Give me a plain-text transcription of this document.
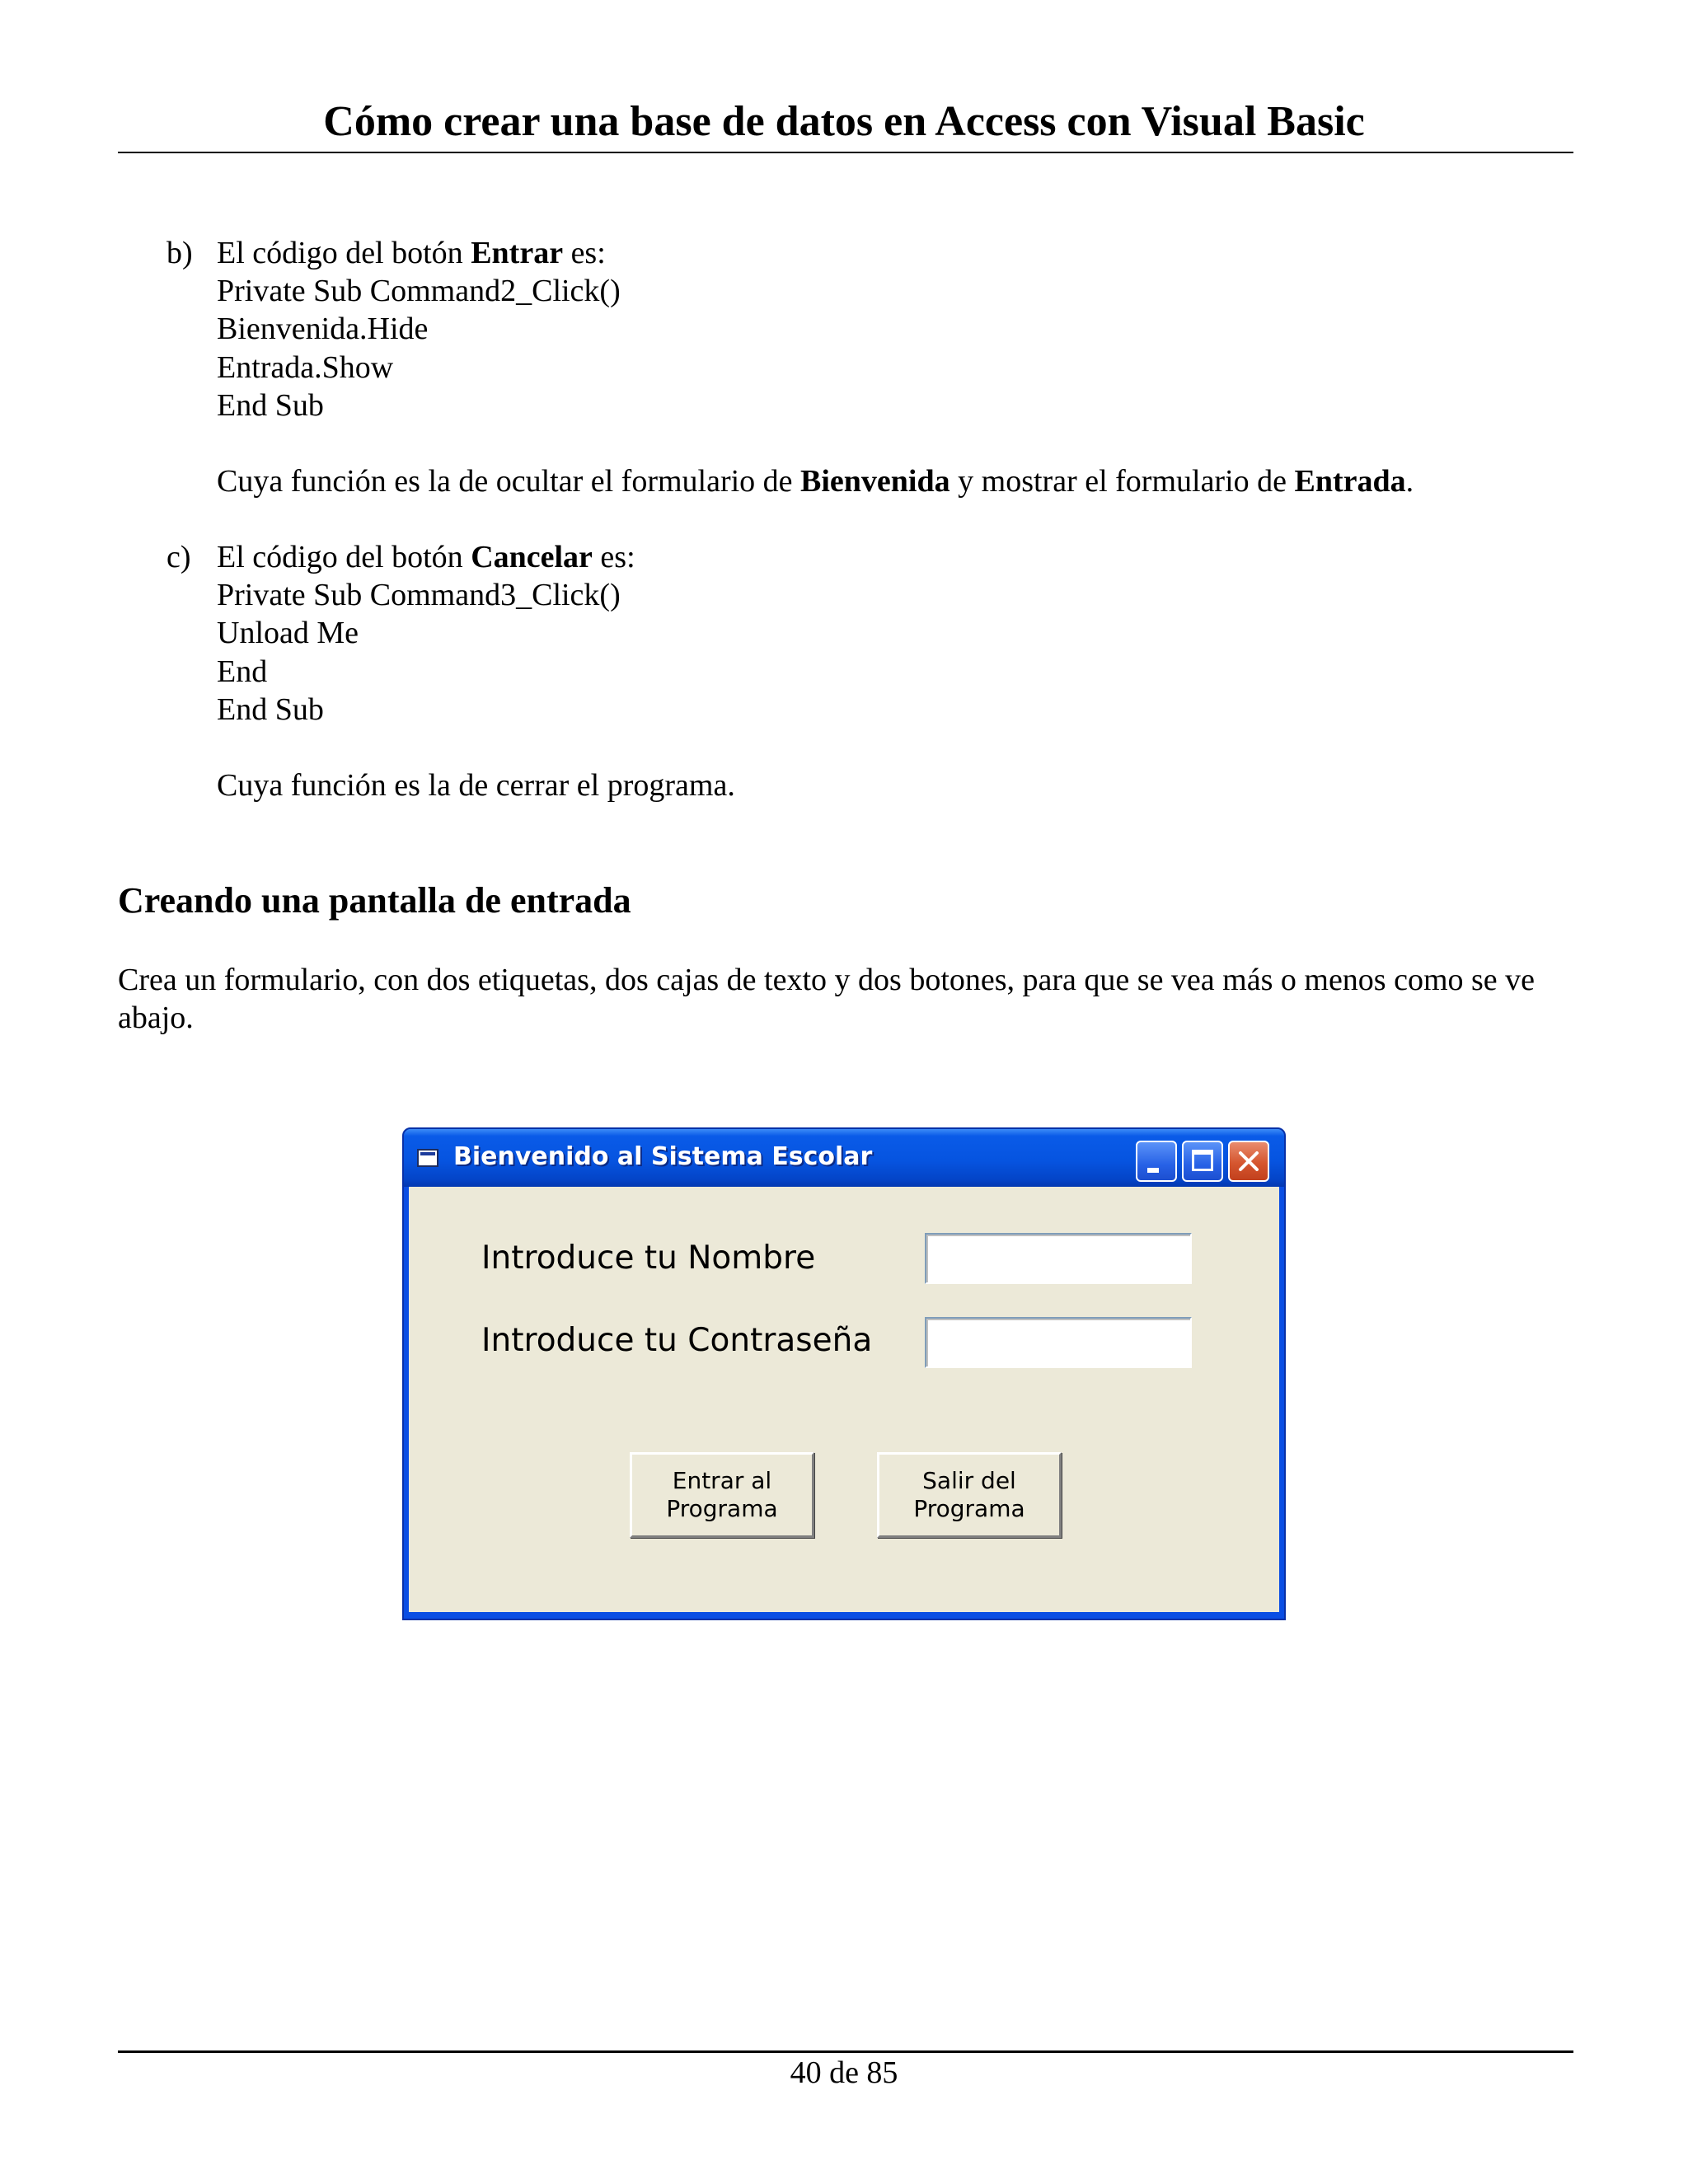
Cómo crear una base de datos en Access con Visual Basic
b) El código del botón Entrar es:
Private Sub Command2_Click()
Bienvenida.Hide
Entrada.Show
End Sub
Cuya función es la de ocultar el formulario de Bienvenida y mostrar el formulario de Entrada.
c) El código del botón Cancelar es:
Private Sub Command3_Click()
Unload Me
End
End Sub
Cuya función es la de cerrar el programa.
Creando una pantalla de entrada
Crea un formulario, con dos etiquetas, dos cajas de texto y dos botones, para que se vea más o menos como se ve abajo.
Bienvenido al Sistema Escolar
Introduce tu Nombre
Introduce tu Contraseña
Entrar al
Programa
Salir del
Programa
40 de 85
